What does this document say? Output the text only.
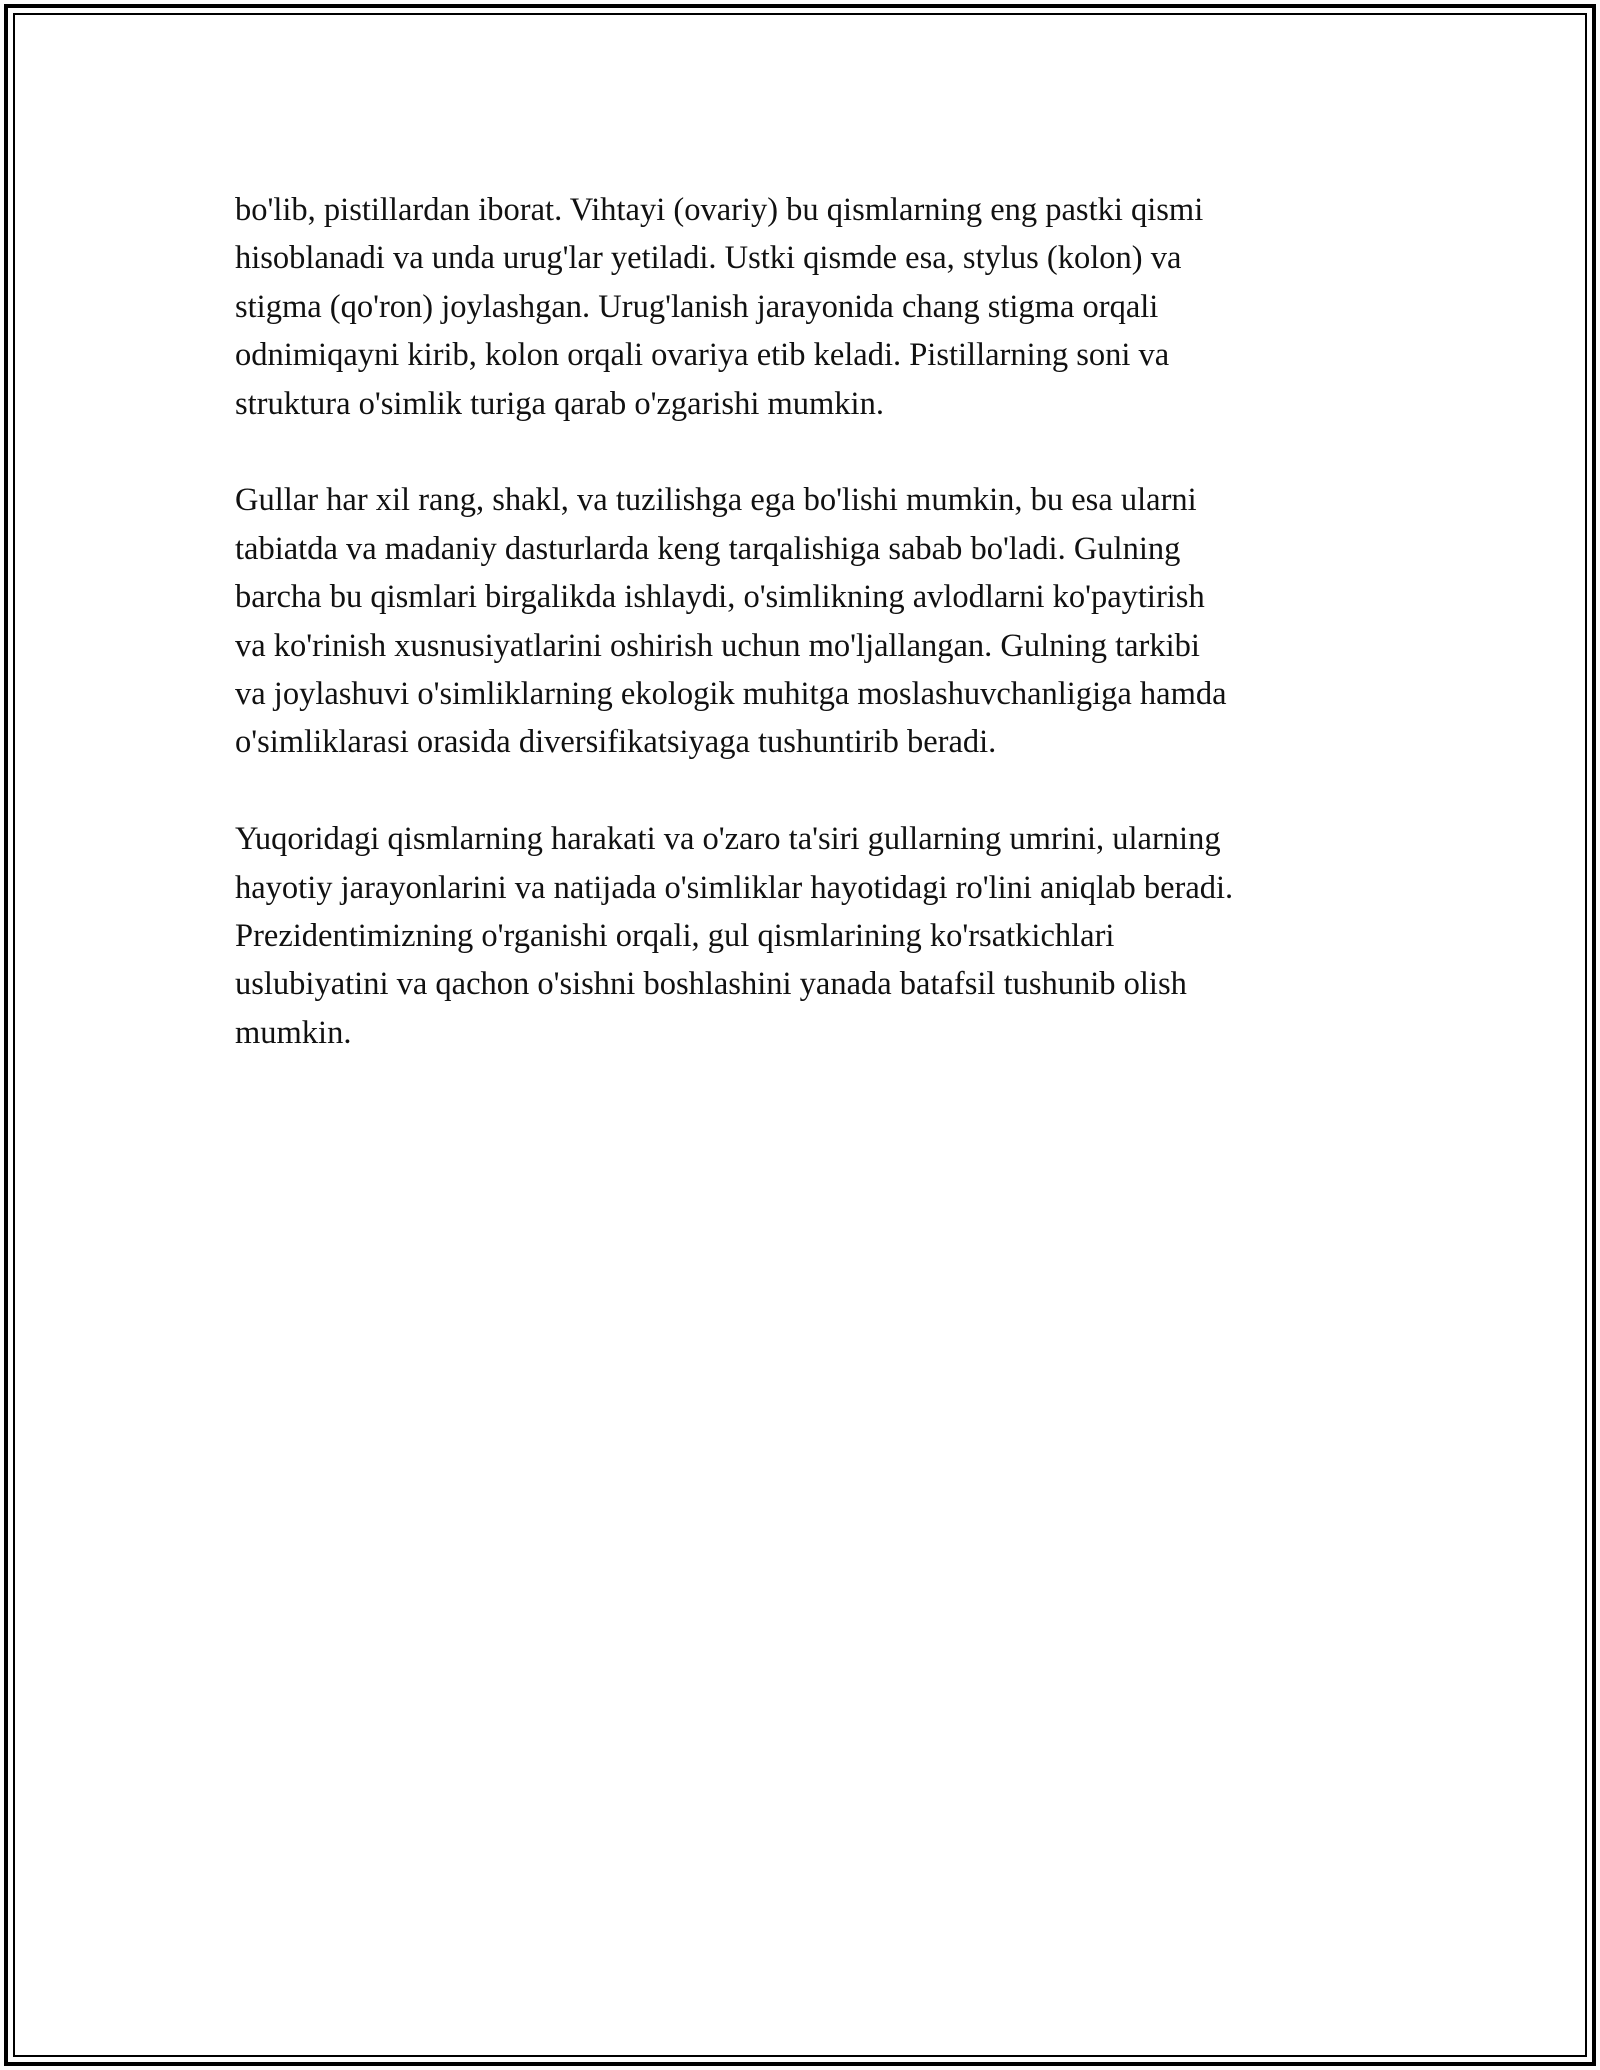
bo'lib, pistillardan iborat. Vihtayi (ovariy) bu qismlarning eng pastki qismi
hisoblanadi va unda urug'lar yetiladi. Ustki qismde esa, stylus (kolon) va
stigma (qo'ron) joylashgan. Urug'lanish jarayonida chang stigma orqali
odnimiqayni kirib, kolon orqali ovariya etib keladi. Pistillarning soni va
struktura o'simlik turiga qarab o'zgarishi mumkin.

Gullar har xil rang, shakl, va tuzilishga ega bo'lishi mumkin, bu esa ularni
tabiatda va madaniy dasturlarda keng tarqalishiga sabab bo'ladi. Gulning
barcha bu qismlari birgalikda ishlaydi, o'simlikning avlodlarni ko'paytirish
va ko'rinish xusnusiyatlarini oshirish uchun mo'ljallangan. Gulning tarkibi
va joylashuvi o'simliklarning ekologik muhitga moslashuvchanligiga hamda
o'simliklarasi orasida diversifikatsiyaga tushuntirib beradi.

Yuqoridagi qismlarning harakati va o'zaro ta'siri gullarning umrini, ularning
hayotiy jarayonlarini va natijada o'simliklar hayotidagi ro'lini aniqlab beradi.
Prezidentimizning o'rganishi orqali, gul qismlarining ko'rsatkichlari
uslubiyatini va qachon o'sishni boshlashini yanada batafsil tushunib olish
mumkin.
